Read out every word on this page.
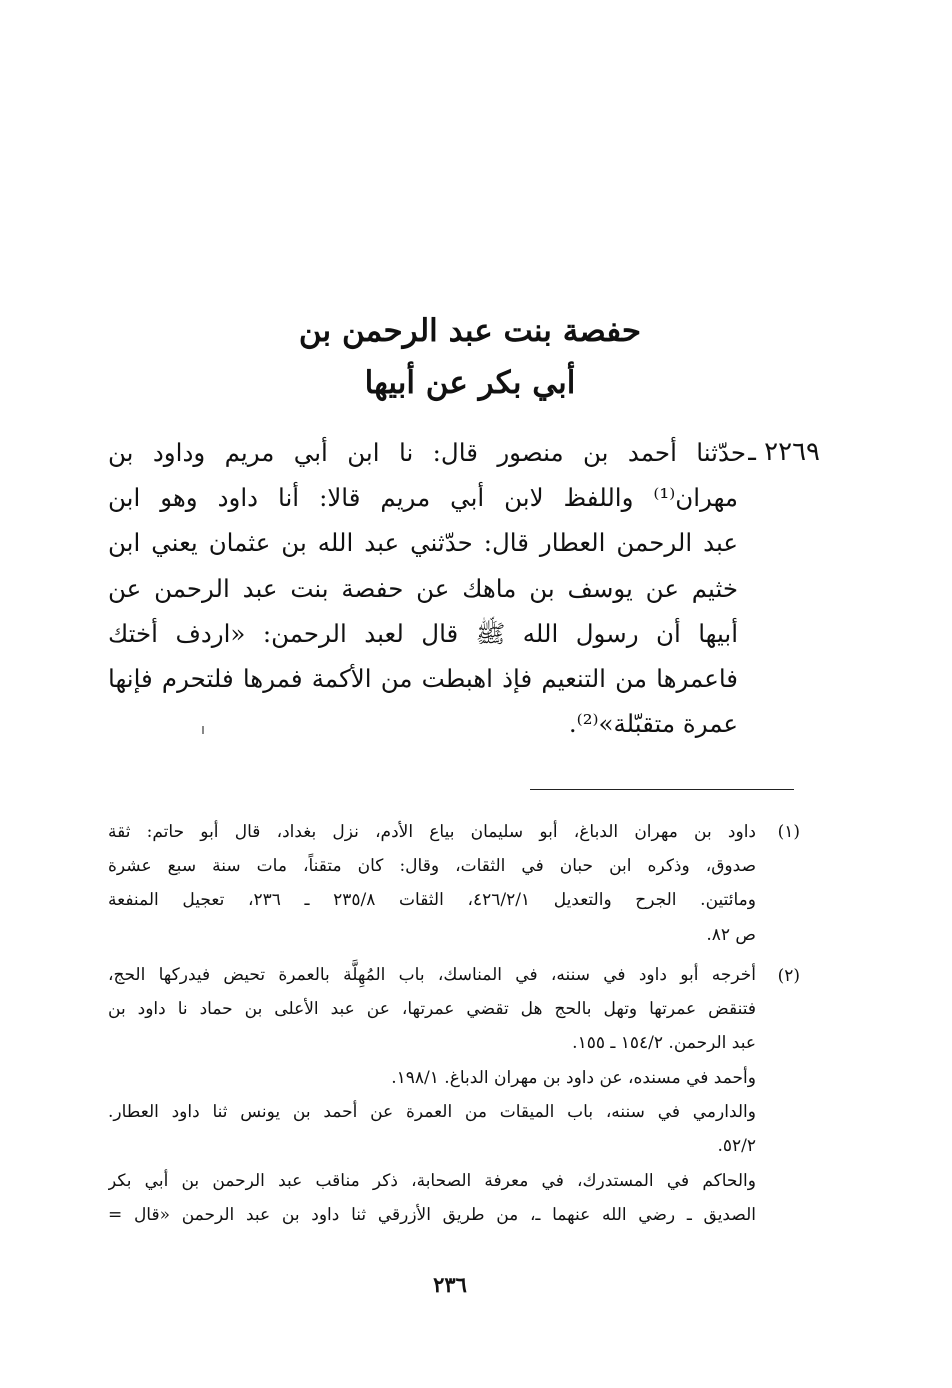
حفصة بنت عبد الرحمن بن
أبي بكر عن أبيها
٢٢٦٩ ـ
حدّثنا أحمد بن منصور قال: نا ابن أبي مريم وداود بن
مهران⁽¹⁾ واللفظ لابن أبي مريم قالا: أنا داود وهو ابن
عبد الرحمن العطار قال: حدّثني عبد الله بن عثمان يعني ابن
خثيم عن يوسف بن ماهك عن حفصة بنت عبد الرحمن عن
أبيها أن رسول الله ﷺ قال لعبد الرحمن: «اردف أختك
فاعمرها من التنعيم فإذ اهبطت من الأكمة فمرها فلتحرم فإنها
عمرة متقبّلة»⁽²⁾.
(١)
داود بن مهران الدباغ، أبو سليمان بياع الأدم، نزل بغداد، قال أبو حاتم: ثقة
صدوق، وذكره ابن حبان في الثقات، وقال: كان متقناً، مات سنة سبع عشرة
ومائتين. الجرح والتعديل ٤٢٦/٢/١، الثقات ٢٣٥/٨ ـ ٢٣٦، تعجيل المنفعة
ص ٨٢.
(٢)
أخرجه أبو داود في سننه، في المناسك، باب المُهِلَّة بالعمرة تحيض فيدركها الحج،
فتنقض عمرتها وتهل بالحج هل تقضي عمرتها، عن عبد الأعلى بن حماد نا داود بن
عبد الرحمن. ١٥٤/٢ ـ ١٥٥.
وأحمد في مسنده، عن داود بن مهران الدباغ. ١٩٨/١.
والدارمي في سننه، باب الميقات من العمرة عن أحمد بن يونس ثنا داود العطار.
٥٢/٢.
والحاكم في المستدرك، في معرفة الصحابة، ذكر مناقب عبد الرحمن بن أبي بكر
الصديق ـ رضي الله عنهما ـ، من طريق الأزرقي ثنا داود بن عبد الرحمن «قال =
٢٣٦
